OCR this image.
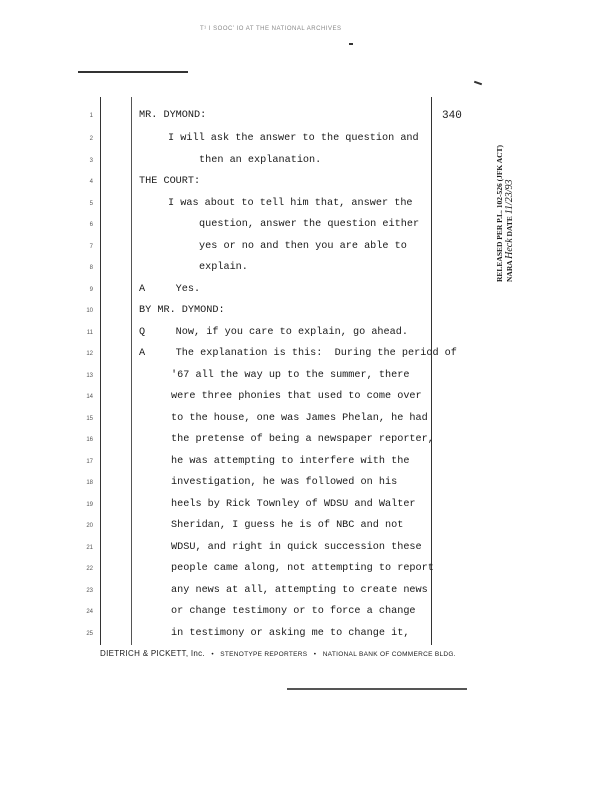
T¹ I SOOC’ IO AT THE NATIONAL ARCHIVES
340
1	MR. DYMOND:
2	I will ask the answer to the question and
3	then an explanation.
4	THE COURT:
5	I was about to tell him that, answer the
6	question, answer the question either
7	yes or no and then you are able to
8	explain.
9	A     Yes.
10	BY MR. DYMOND:
11	Q     Now, if you care to explain, go ahead.
12	A     The explanation is this:  During the period of
13	'67 all the way up to the summer, there
14	were three phonies that used to come over
15	to the house, one was James Phelan, he had
16	the pretense of being a newspaper reporter,
17	he was attempting to interfere with the
18	investigation, he was followed on his
19	heels by Rick Townley of WDSU and Walter
20	Sheridan, I guess he is of NBC and not
21	WDSU, and right in quick succession these
22	people came along, not attempting to report
23	any news at all, attempting to create news
24	or change testimony or to force a change
25	in testimony or asking me to change it,
DIETRICH & PICKETT, Inc. • STENOTYPE REPORTERS • NATIONAL BANK OF COMMERCE BLDG.
RELEASED PER P.L. 102-526 (JFK ACT) NARA Heck DATE 11/23/93
